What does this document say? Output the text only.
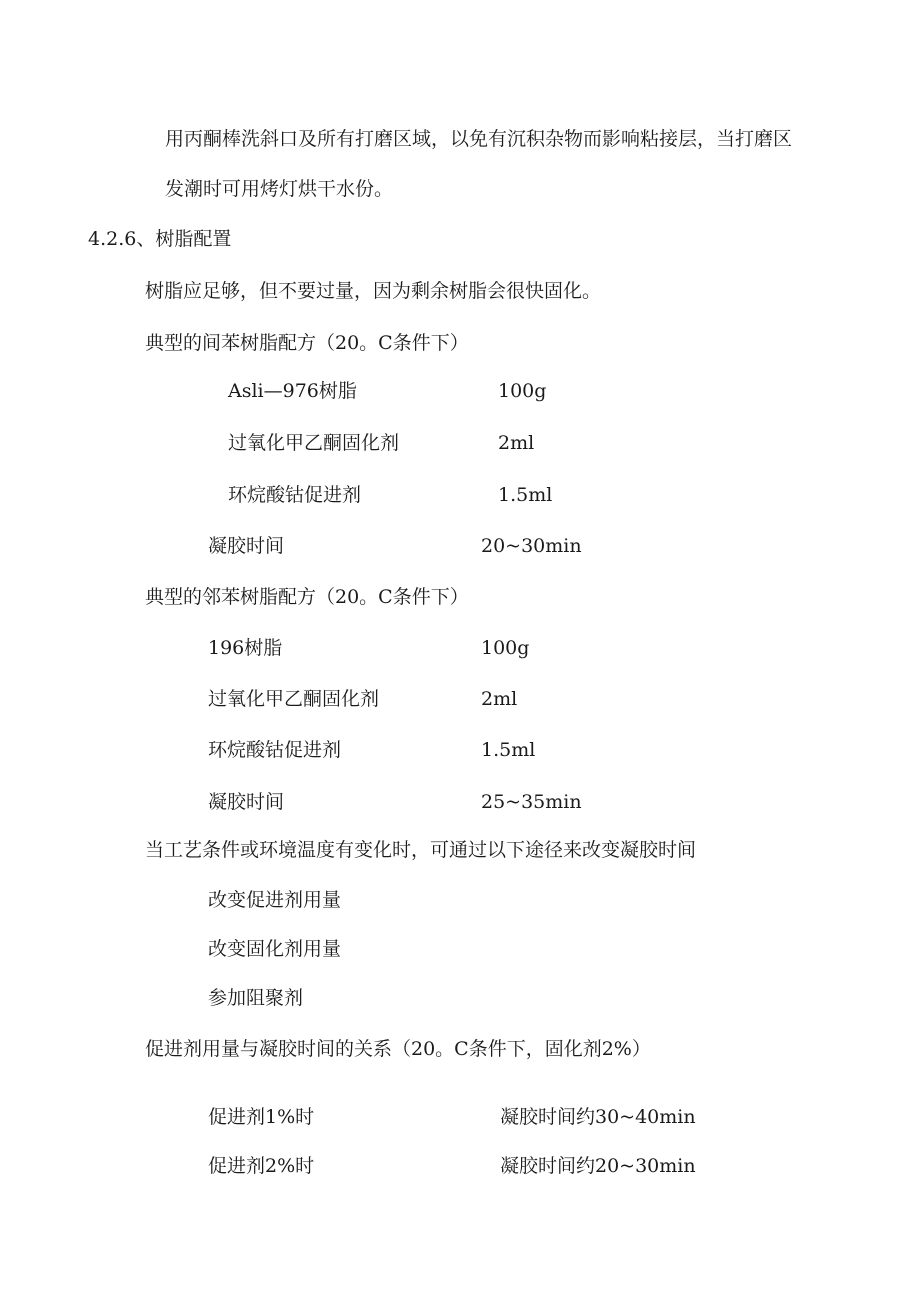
用丙酮棒洗斜口及所有打磨区域，以免有沉积杂物而影响粘接层，当打磨区
发潮时可用烤灯烘干水份。
4.2.6、树脂配置
树脂应足够，但不要过量，因为剩余树脂会很快固化。
典型的间苯树脂配方（20。C条件下）
Asli—976树脂	100g
过氧化甲乙酮固化剂	2ml
环烷酸钴促进剂	1.5ml
凝胶时间	20~30min
典型的邻苯树脂配方（20。C条件下）
196树脂	100g
过氧化甲乙酮固化剂	2ml
环烷酸钴促进剂	1.5ml
凝胶时间	25~35min
当工艺条件或环境温度有变化时，可通过以下途径来改变凝胶时间
改变促进剂用量
改变固化剂用量
参加阻聚剂
促进剂用量与凝胶时间的关系（20。C条件下，固化剂2%）
促进剂1%时	凝胶时间约30~40min
促进剂2%时	凝胶时间约20~30min
